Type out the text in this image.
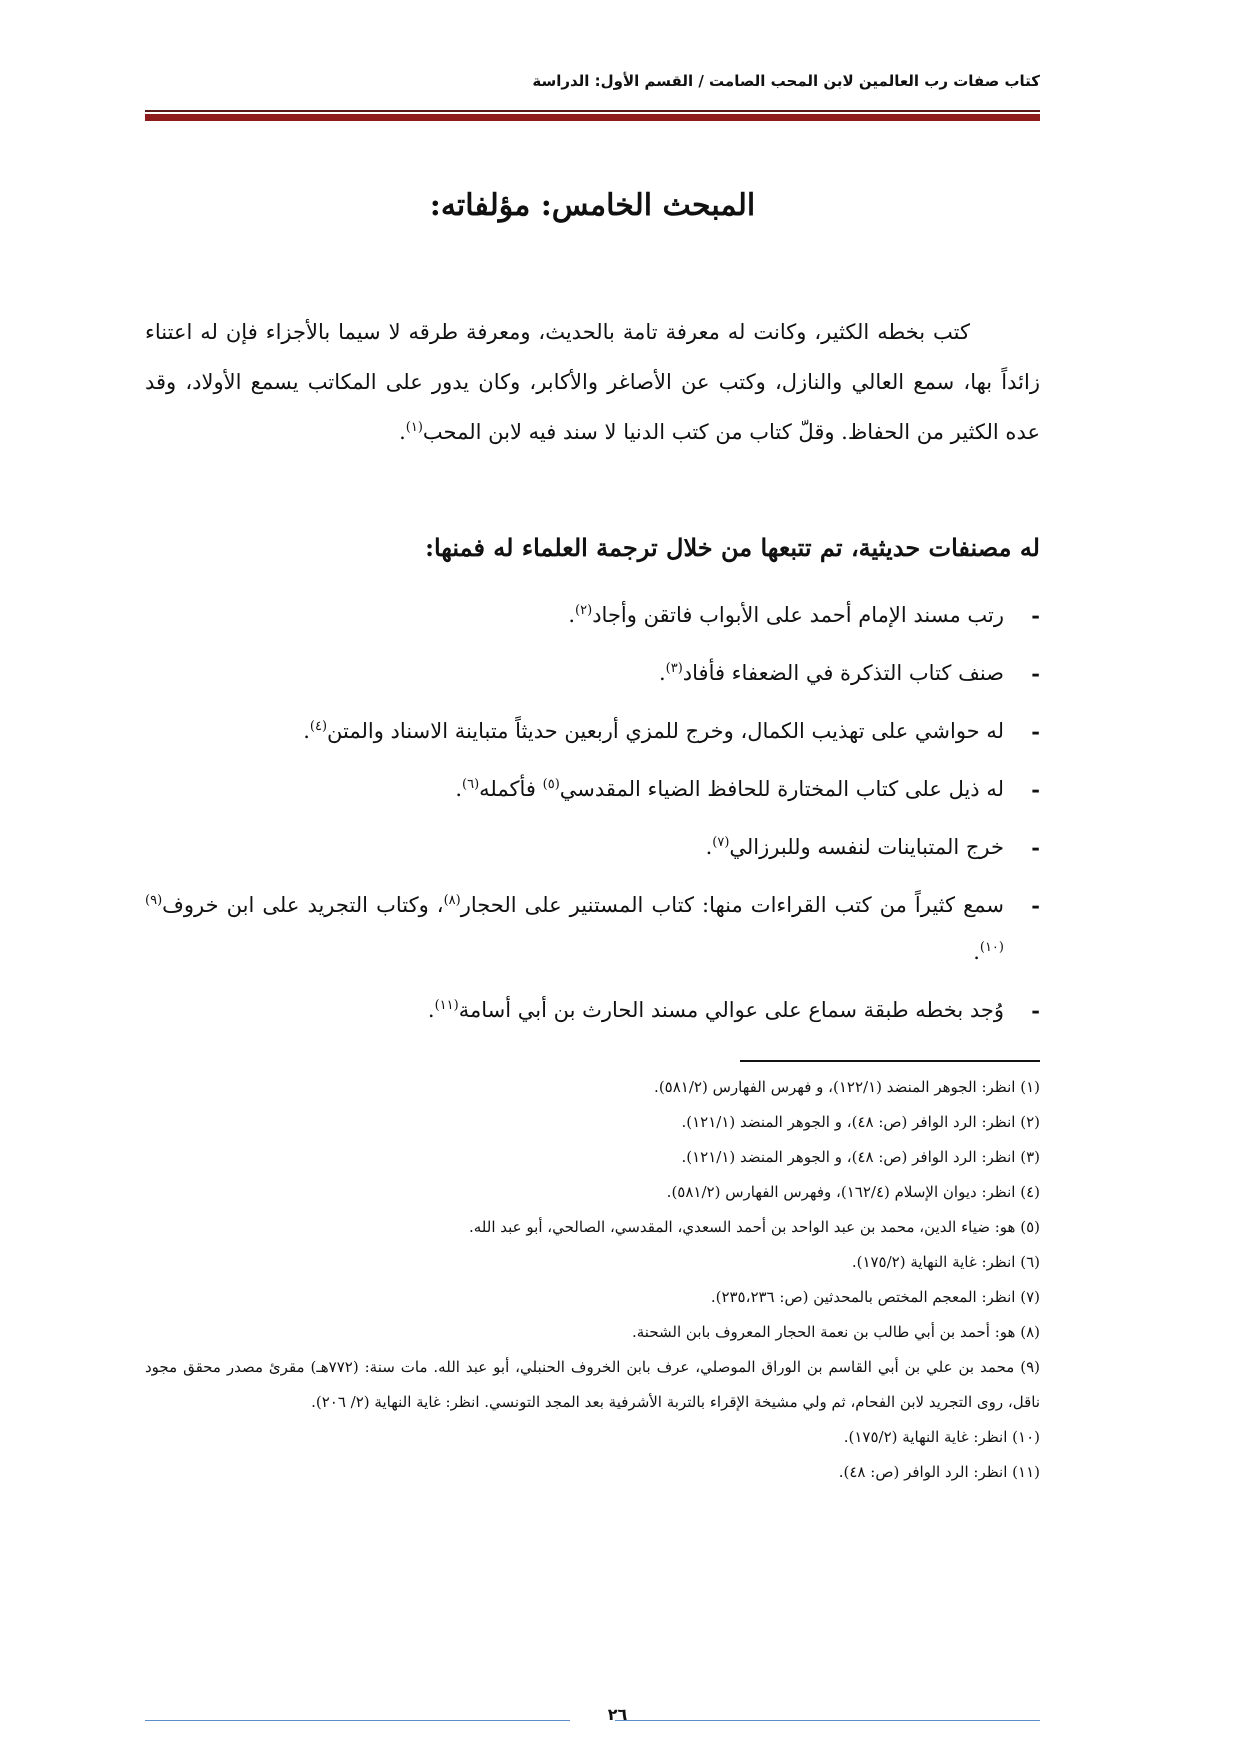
كتاب صفات رب العالمين لابن المحب الصامت / القسم الأول: الدراسة
المبحث الخامس: مؤلفاته:

كتب بخطه الكثير، وكانت له معرفة تامة بالحديث، ومعرفة طرقه لا سيما بالأجزاء فإن له اعتناء زائداً بها، سمع العالي والنازل، وكتب عن الأصاغر والأكابر، وكان يدور على المكاتب يسمع الأولاد، وقد عده الكثير من الحفاظ. وقلّ كتاب من كتب الدنيا لا سند فيه لابن المحب$^{(١)}$.

له مصنفات حديثية، تم تتبعها من خلال ترجمة العلماء له فمنها:
-
رتب مسند الإمام أحمد على الأبواب فاتقن وأجاد$^{(٢)}$.
-
صنف كتاب التذكرة في الضعفاء فأفاد$^{(٣)}$.
-
له حواشي على تهذيب الكمال، وخرج للمزي أربعين حديثاً متباينة الاسناد والمتن$^{(٤)}$.
-
له ذيل على كتاب المختارة للحافظ الضياء المقدسي$^{(٥)}$ فأكمله$^{(٦)}$.
-
خرج المتباينات لنفسه وللبرزالي$^{(٧)}$.
-
سمع كثيراً من كتب القراءات منها: كتاب المستنير على الحجار$^{(٨)}$، وكتاب التجريد على ابن خروف$^{(٩) (١٠)}$.
-
وُجد بخطه طبقة سماع على عوالي مسند الحارث بن أبي أسامة$^{(١١)}$.
(١) انظر: الجوهر المنضد (١٢٢/١)، و فهرس الفهارس (٥٨١/٢).
(٢) انظر: الرد الوافر (ص: ٤٨)، و الجوهر المنضد (١٢١/١).
(٣) انظر: الرد الوافر (ص: ٤٨)، و الجوهر المنضد (١٢١/١).
(٤) انظر: ديوان الإسلام (١٦٢/٤)، وفهرس الفهارس (٥٨١/٢).
(٥) هو: ضياء الدين، محمد بن عبد الواحد بن أحمد السعدي، المقدسي، الصالحي، أبو عبد الله.
(٦) انظر: غاية النهاية (١٧٥/٢).
(٧) انظر: المعجم المختص بالمحدثين (ص: ٢٣٥،٢٣٦).
(٨) هو: أحمد بن أبي طالب بن نعمة الحجار المعروف بابن الشحنة.
(٩) محمد بن علي بن أبي القاسم بن الوراق الموصلي، عرف بابن الخروف الحنبلي، أبو عبد الله. مات سنة: (٧٧٢هـ) مقرئ مصدر محقق مجود ناقل، روى التجريد لابن الفحام، ثم ولي مشيخة الإقراء بالتربة الأشرفية بعد المجد التونسي. انظر: غاية النهاية (٢/ ٢٠٦).
(١٠) انظر: غاية النهاية (١٧٥/٢).
(١١) انظر: الرد الوافر (ص: ٤٨).
٢٦
